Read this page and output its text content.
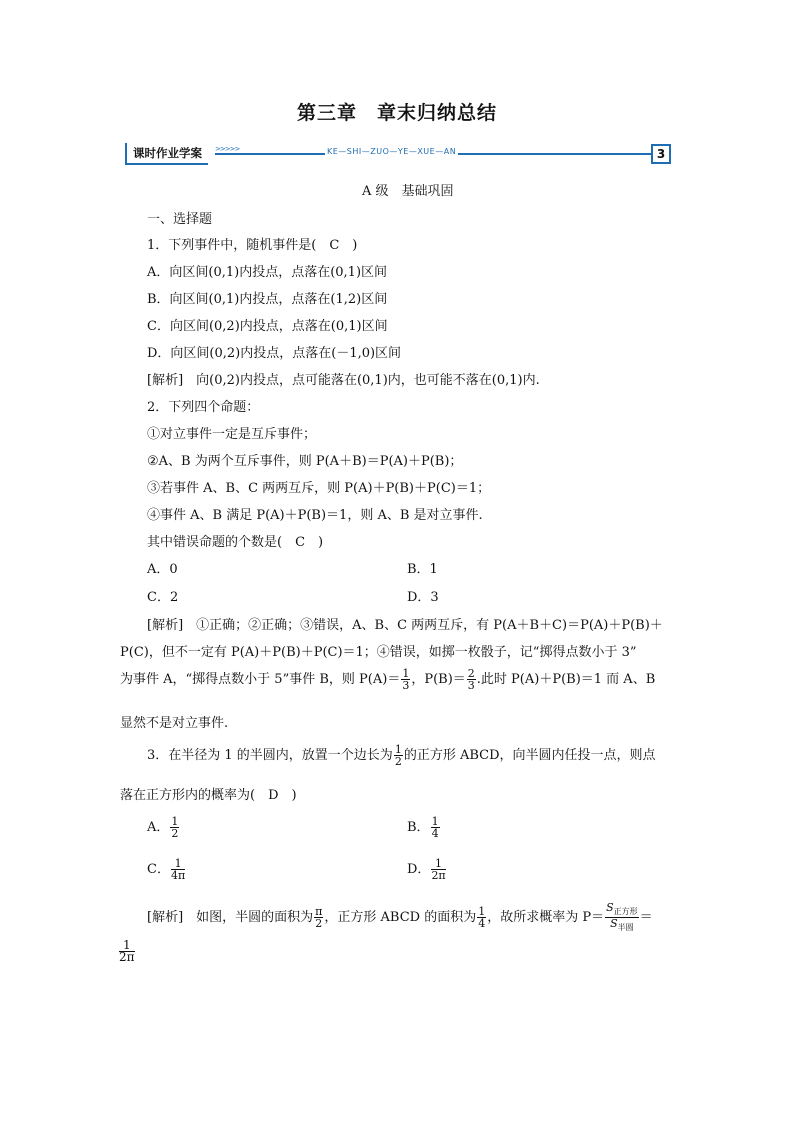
第三章　章末归纳总结
>>>>>
课时作业学案	KE—SHI—ZUO—YE—XUE—AN	3
A 级　基础巩固
一、选择题
1．下列事件中，随机事件是(　C　)
A．向区间(0,1)内投点，点落在(0,1)区间
B．向区间(0,1)内投点，点落在(1,2)区间
C．向区间(0,2)内投点，点落在(0,1)区间
D．向区间(0,2)内投点，点落在(－1,0)区间
[解析]　向(0,2)内投点，点可能落在(0,1)内，也可能不落在(0,1)内.
2．下列四个命题：
①对立事件一定是互斥事件；
②A、B 为两个互斥事件，则 P(A＋B)＝P(A)＋P(B)；
③若事件 A、B、C 两两互斥，则 P(A)＋P(B)＋P(C)＝1；
④事件 A、B 满足 P(A)＋P(B)＝1，则 A、B 是对立事件.
其中错误命题的个数是(　C　)
A．0	B．1
C．2	D．3
[解析]　①正确；②正确；③错误，A、B、C 两两互斥，有 P(A＋B＋C)＝P(A)＋P(B)＋
P(C)，但不一定有 P(A)＋P(B)＋P(C)＝1；④错误，如掷一枚骰子，记“掷得点数小于 3”
为事件 A，“掷得点数小于 5”事件 B，则 $P(A)= \frac{1}{3}$ ，$P(B)= \frac{2}{3}$ .此时 P(A)＋P(B)＝1 而 A、B
显然不是对立事件.
3．在半径为 1 的半圆内，放置一个边长为 $\frac{1}{2}$ 的正方形 ABCD，向半圆内任投一点，则点
落在正方形内的概率为(　D　)
A． $\frac{1}{2}$	B． $\frac{1}{4}$
C． $\frac{1}{4\pi}$	D． $\frac{1}{2\pi}$
[解析]　如图，半圆的面积为 $\frac{\pi}{2}$ ，正方形 ABCD 的面积为 $\frac{1}{4}$ ，故所求概率为 $P= \frac{S_{正方形}}{S_{半圆}}$ ＝
$\frac{1}{2\pi}$
